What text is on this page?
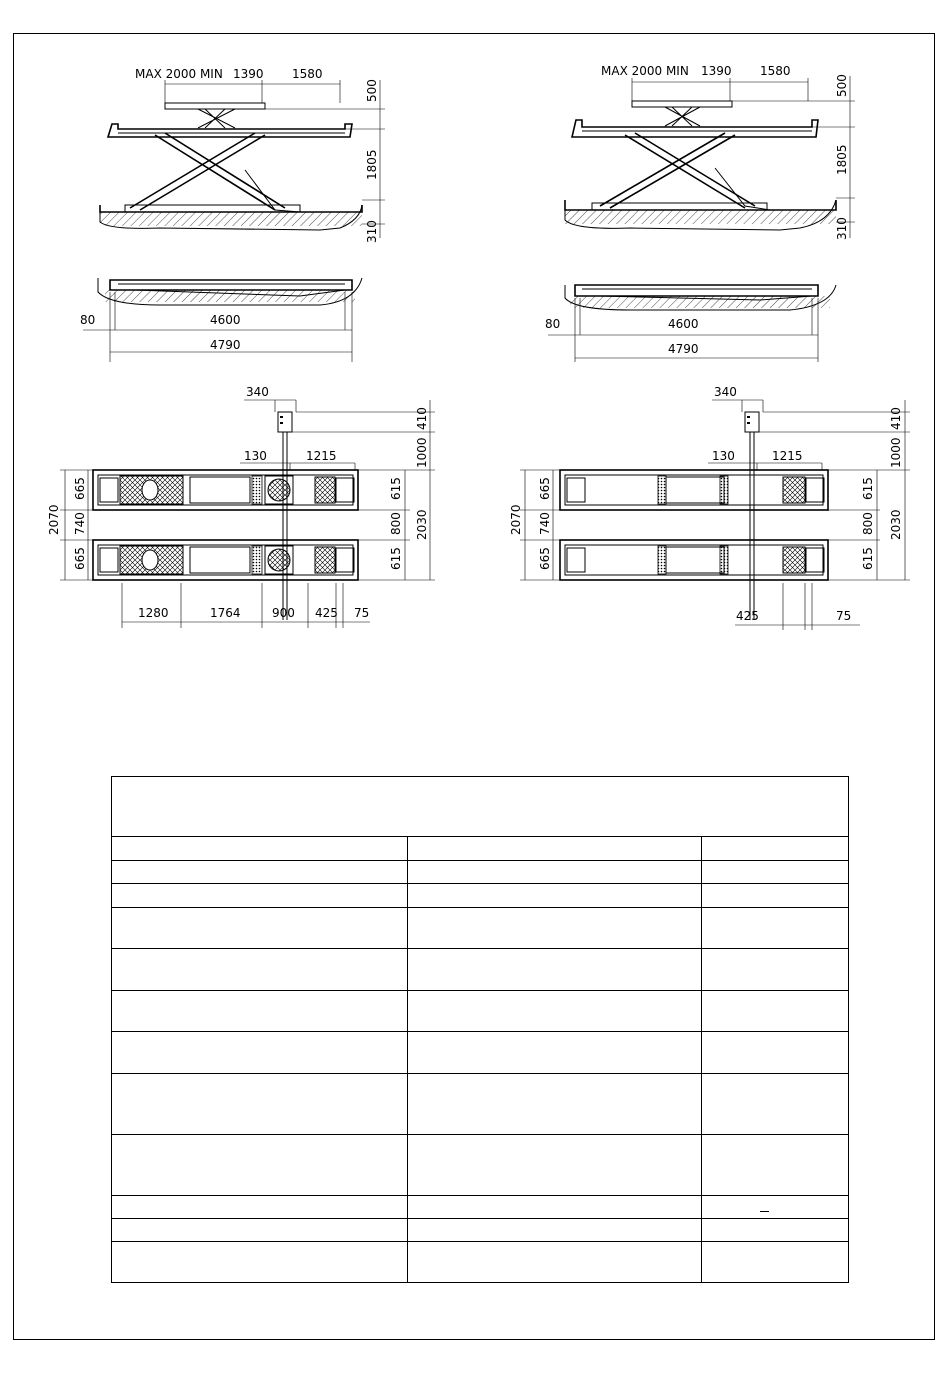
MAX 2000 MIN 1390 1580
500
1805
310
80	4600
4790
340
410
130	1215	1000
2070
665
740
665
615
800
615
2030
1280	1764	900 425 75
MAX 2000 MIN 1390 1580
500
1805
310
80	4600
4790
340
410
130	1215	1000
2070
665
740
665
615
800
615
2030
425	75
